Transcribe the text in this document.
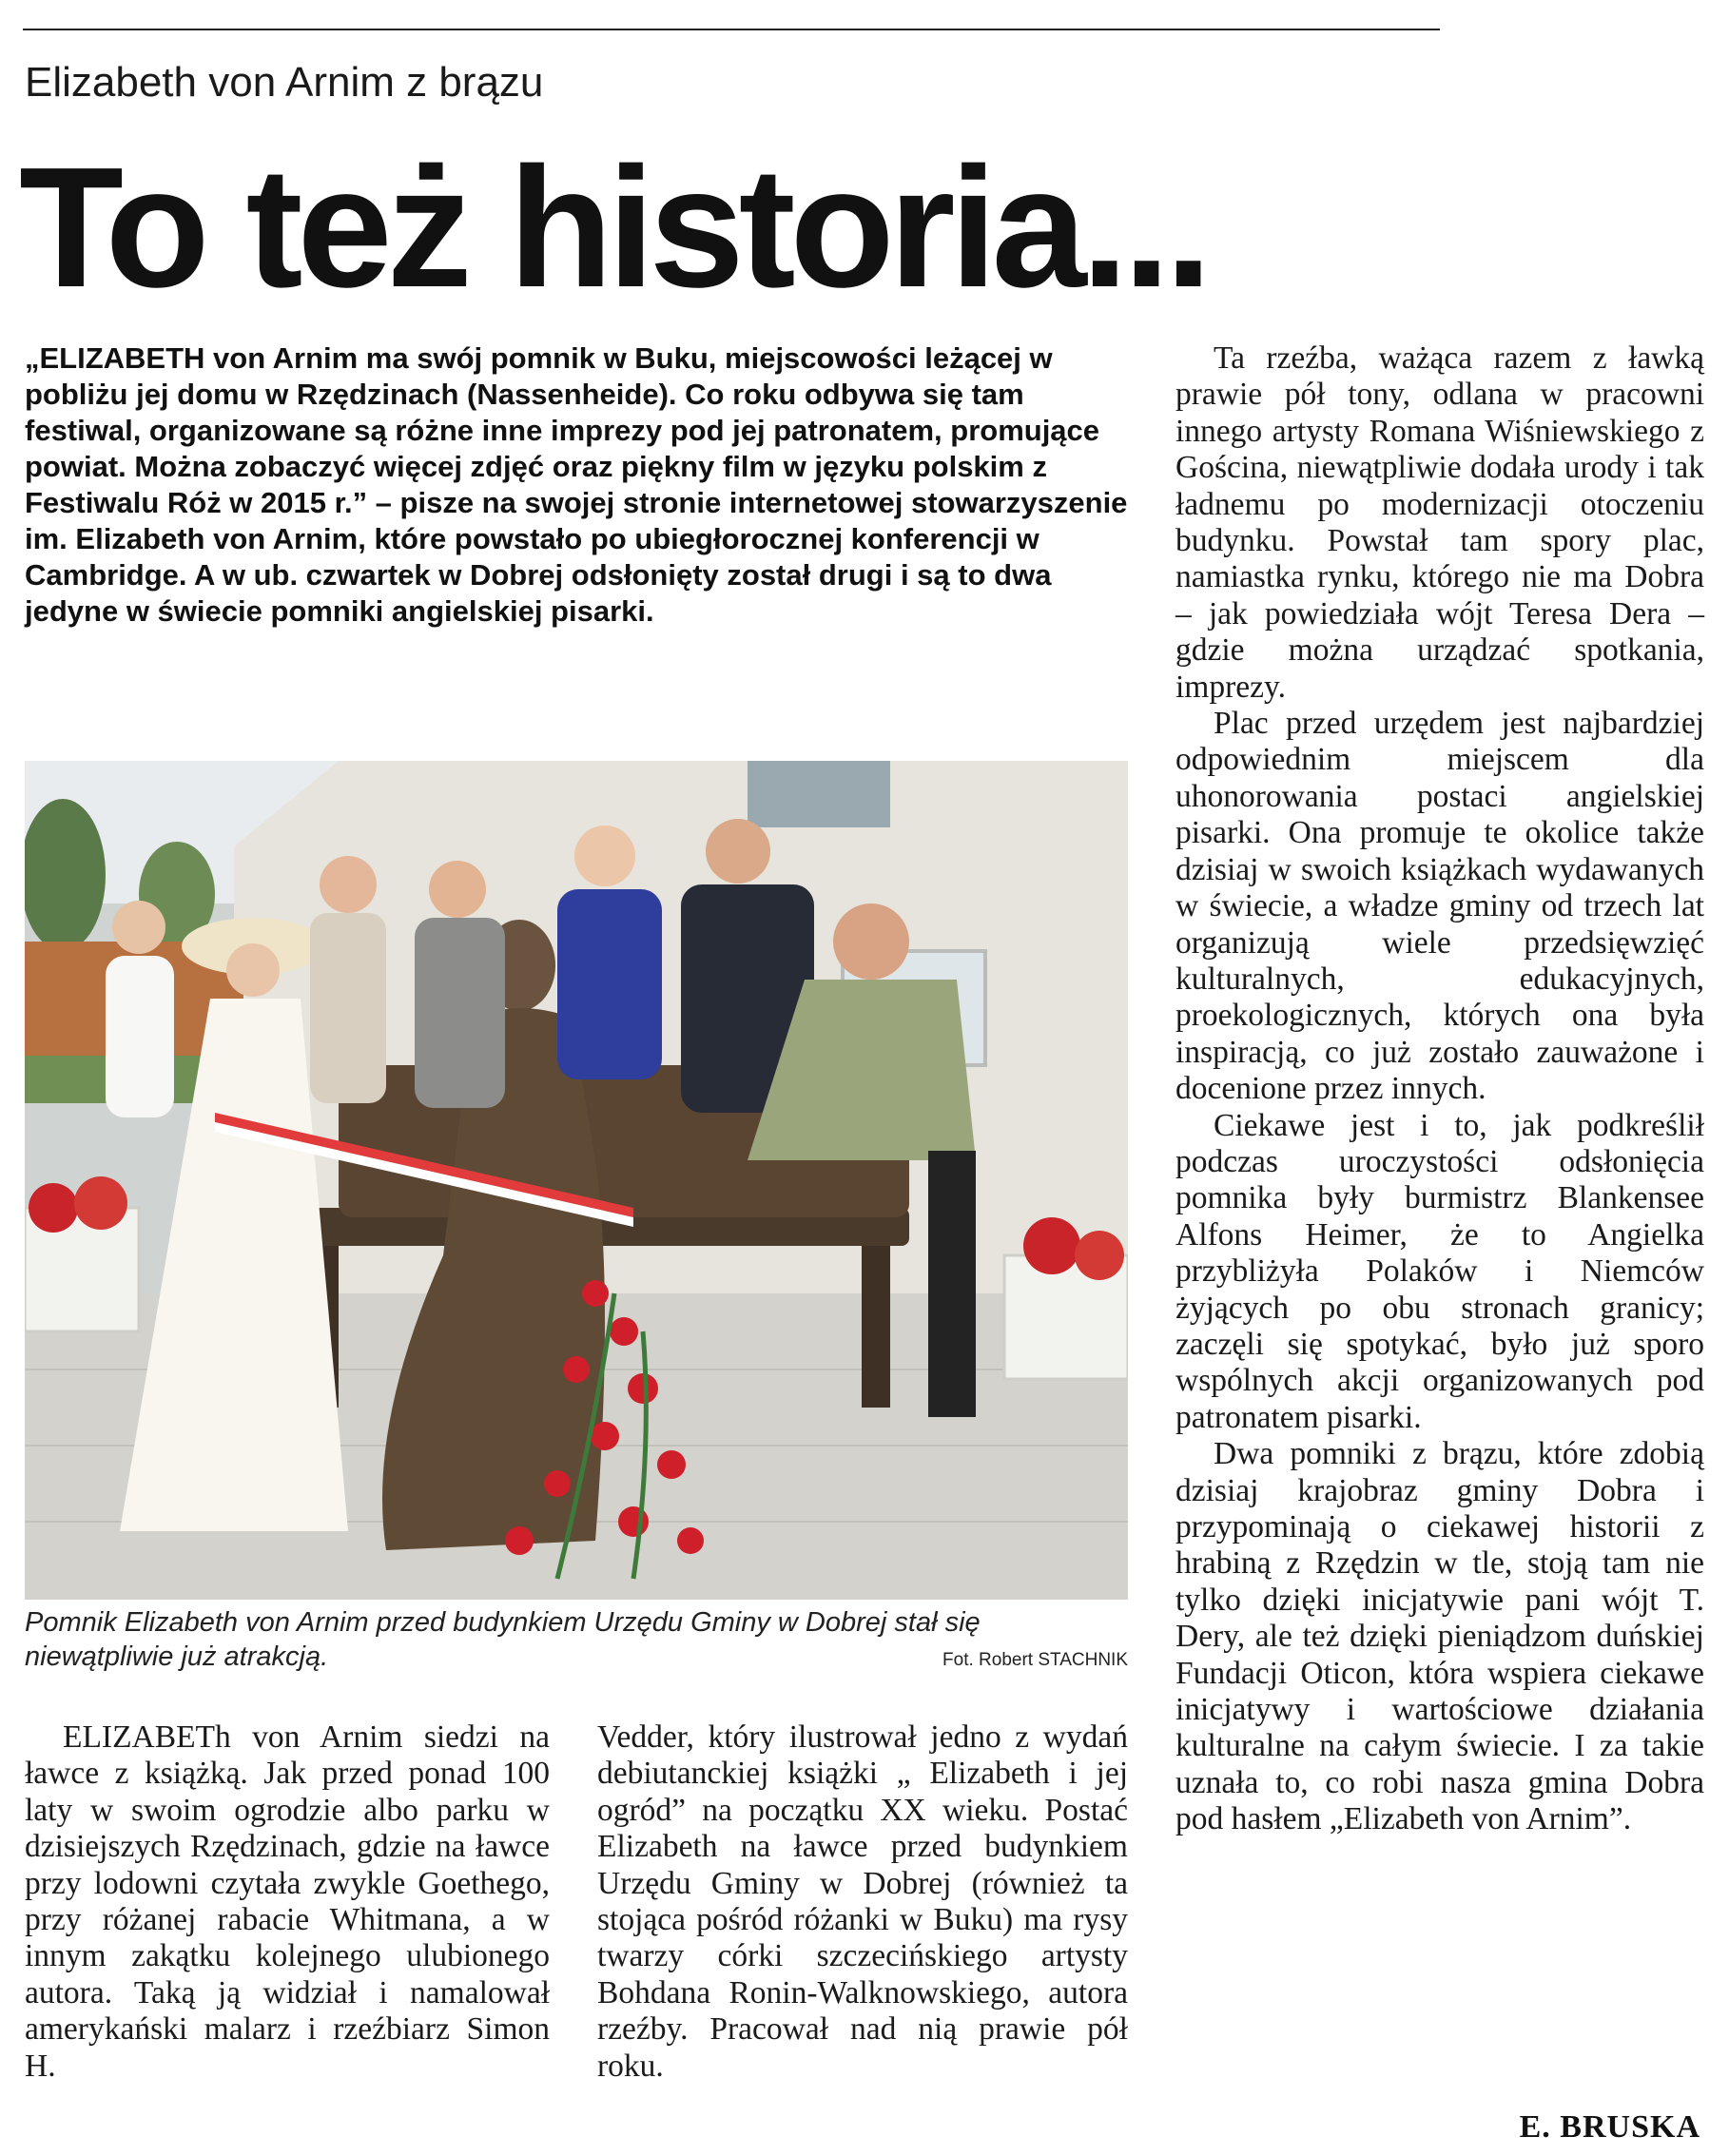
Elizabeth von Arnim z brązu
To też historia...

„ELIZABETH von Arnim ma swój pomnik w Buku, miejscowości leżącej w pobliżu jej domu w Rzędzinach (Nassenheide). Co roku odbywa się tam festiwal, organizowane są różne inne imprezy pod jej patronatem, promujące powiat. Można zobaczyć więcej zdjęć oraz piękny film w języku polskim z Festiwalu Róż w 2015 r.” – pisze na swojej stronie internetowej stowarzyszenie im. Elizabeth von Arnim, które powstało po ubiegłorocznej konferencji w Cambridge. A w ub. czwartek w Dobrej odsłonięty został drugi i są to dwa jedyne w świecie pomniki angielskiej pisarki.

Pomnik Elizabeth von Arnim przed budynkiem Urzędu Gminy w Dobrej stał się niewątpliwie już atrakcją.	Fot. Robert STACHNIK

ELIZABETh von Arnim siedzi na ławce z książką. Jak przed ponad 100 laty w swoim ogrodzie albo parku w dzisiejszych Rzędzinach, gdzie na ławce przy lodowni czytała zwykle Goethego, przy różanej rabacie Whitmana, a w innym zakątku kolejnego ulubionego autora. Taką ją widział i namalował amerykański malarz i rzeźbiarz Simon H.

Vedder, który ilustrował jedno z wydań debiutanckiej książki „ Elizabeth i jej ogród” na początku XX wieku. Postać Elizabeth na ławce przed budynkiem Urzędu Gminy w Dobrej (również ta stojąca pośród różanki w Buku) ma rysy twarzy córki szczecińskiego artysty Bohdana Ronin-Walknowskiego, autora rzeźby. Pracował nad nią prawie pół roku.

Ta rzeźba, ważąca razem z ławką prawie pół tony, odlana w pracowni innego artysty Romana Wiśniewskiego z Gościna, niewątpliwie dodała urody i tak ładnemu po modernizacji otoczeniu budynku. Powstał tam spory plac, namiastka rynku, którego nie ma Dobra – jak powiedziała wójt Teresa Dera – gdzie można urządzać spotkania, imprezy.

Plac przed urzędem jest najbardziej odpowiednim miejscem dla uhonorowania postaci angielskiej pisarki. Ona promuje te okolice także dzisiaj w swoich książkach wydawanych w świecie, a władze gminy od trzech lat organizują wiele przedsięwzięć kulturalnych, edukacyjnych, proekologicznych, których ona była inspiracją, co już zostało zauważone i docenione przez innych.

Ciekawe jest i to, jak podkreślił podczas uroczystości odsłonięcia pomnika były burmistrz Blankensee Alfons Heimer, że to Angielka przybliżyła Polaków i Niemców żyjących po obu stronach granicy; zaczęli się spotykać, było już sporo wspólnych akcji organizowanych pod patronatem pisarki.

Dwa pomniki z brązu, które zdobią dzisiaj krajobraz gminy Dobra i przypominają o ciekawej historii z hrabiną z Rzędzin w tle, stoją tam nie tylko dzięki inicjatywie pani wójt T. Dery, ale też dzięki pieniądzom duńskiej Fundacji Oticon, która wspiera ciekawe inicjatywy i wartościowe działania kulturalne na całym świecie. I za takie uznała to, co robi nasza gmina Dobra pod hasłem „Elizabeth von Arnim”.

E. BRUSKA
